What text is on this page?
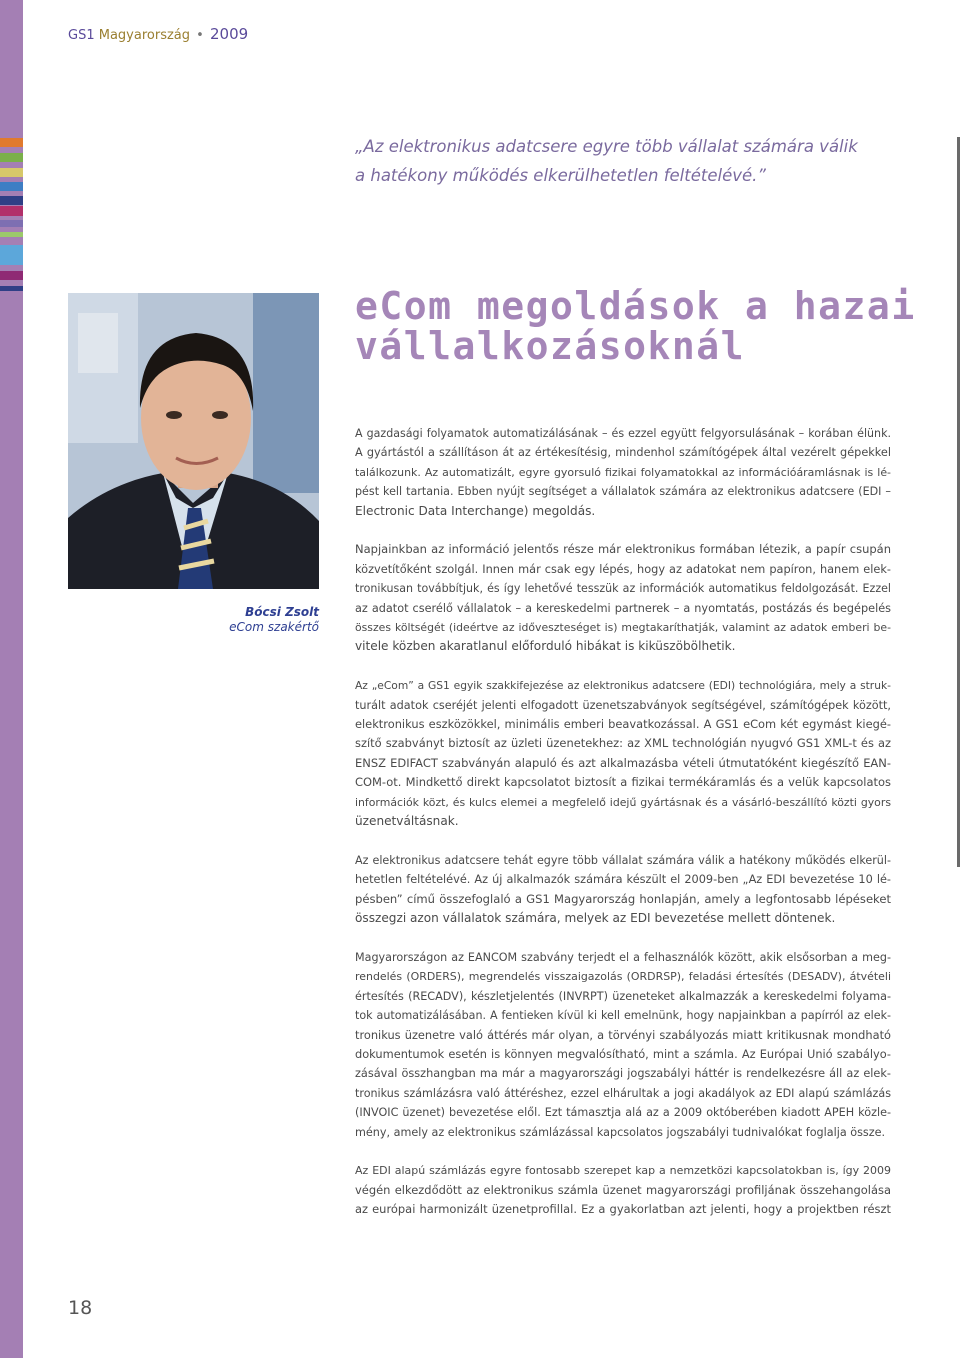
GS1 Magyarország • 2009
„Az elektronikus adatcsere egyre több vállalat számára válik
a hatékony működés elkerülhetetlen feltételévé.”
eCom megoldások a hazai
vállalkozásoknál
Bócsi Zsolt
eCom szakértő

A gazdasági folyamatok automatizálásának – és ezzel együtt felgyorsulásának – korában élünk.
A gyártástól a szállításon át az értékesítésig, mindenhol számítógépek által vezérelt gépekkel
találkozunk. Az automatizált, egyre gyorsuló fizikai folyamatokkal az információáramlásnak is lé-
pést kell tartania. Ebben nyújt segítséget a vállalatok számára az elektronikus adatcsere (EDI –
Electronic Data Interchange) megoldás.

Napjainkban az információ jelentős része már elektronikus formában létezik, a papír csupán
közvetítőként szolgál. Innen már csak egy lépés, hogy az adatokat nem papíron, hanem elek-
tronikusan továbbítjuk, és így lehetővé tesszük az információk automatikus feldolgozását. Ezzel
az adatot cserélő vállalatok – a kereskedelmi partnerek – a nyomtatás, postázás és begépelés
összes költségét (ideértve az időveszteséget is) megtakaríthatják, valamint az adatok emberi be-
vitele közben akaratlanul előforduló hibákat is kiküszöbölhetik.

Az „eCom” a GS1 egyik szakkifejezése az elektronikus adatcsere (EDI) technológiára, mely a struk-
turált adatok cseréjét jelenti elfogadott üzenetszabványok segítségével, számítógépek között,
elektronikus eszközökkel, minimális emberi beavatkozással. A GS1 eCom két egymást kiegé-
szítő szabványt biztosít az üzleti üzenetekhez: az XML technológián nyugvó GS1 XML-t és az
ENSZ EDIFACT szabványán alapuló és azt alkalmazásba vételi útmutatóként kiegészítő EAN-
COM-ot. Mindkettő direkt kapcsolatot biztosít a fizikai termékáramlás és a velük kapcsolatos
információk közt, és kulcs elemei a megfelelő idejű gyártásnak és a vásárló-beszállító közti gyors
üzenetváltásnak.

Az elektronikus adatcsere tehát egyre több vállalat számára válik a hatékony működés elkerül-
hetetlen feltételévé. Az új alkalmazók számára készült el 2009-ben „Az EDI bevezetése 10 lé-
pésben” című összefoglaló a GS1 Magyarország honlapján, amely a legfontosabb lépéseket
összegzi azon vállalatok számára, melyek az EDI bevezetése mellett döntenek.

Magyarországon az EANCOM szabvány terjedt el a felhasználók között, akik elsősorban a meg-
rendelés (ORDERS), megrendelés visszaigazolás (ORDRSP), feladási értesítés (DESADV), átvételi
értesítés (RECADV), készletjelentés (INVRPT) üzeneteket alkalmazzák a kereskedelmi folyama-
tok automatizálásában. A fentieken kívül ki kell emelnünk, hogy napjainkban a papírról az elek-
tronikus üzenetre való áttérés már olyan, a törvényi szabályozás miatt kritikusnak mondható
dokumentumok esetén is könnyen megvalósítható, mint a számla. Az Európai Unió szabályo-
zásával összhangban ma már a magyarországi jogszabályi háttér is rendelkezésre áll az elek-
tronikus számlázásra való áttéréshez, ezzel elhárultak a jogi akadályok az EDI alapú számlázás
(INVOIC üzenet) bevezetése elől. Ezt támasztja alá az a 2009 októberében kiadott APEH közle-
mény, amely az elektronikus számlázással kapcsolatos jogszabályi tudnivalókat foglalja össze.

Az EDI alapú számlázás egyre fontosabb szerepet kap a nemzetközi kapcsolatokban is, így 2009
végén elkezdődött az elektronikus számla üzenet magyarországi profiljának összehangolása
az európai harmonizált üzenetprofillal. Ez a gyakorlatban azt jelenti, hogy a projektben részt

18
